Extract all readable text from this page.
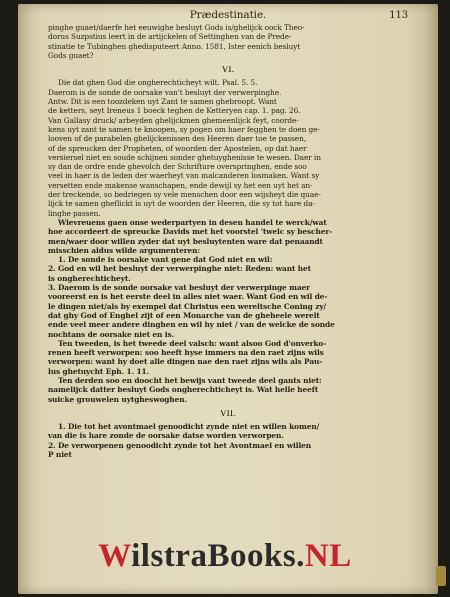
Prædestinatie.	113
pinghe guaet/daerfe het eeuwighe besluyt Gods is/ghelijck oock Theo-
dorus Suzpstius leert in de artijckelen of Settinghen van de Prede-
stinatie te Tubinghen ghedisputeert Anno. 1581, Ister eenich besluyt
Gods guaet?
VI.
Die dat ghen God die ongherechticheyt wilt. Psal. 5. 5.
Daerom is de sonde de oorsake van't besluyt der verwerpinghe.
Antw. Dit is een toozdeken uyt Zant te samen ghebroopt. Want
de ketters, seyt Ireneus 1 boeck teghen de Ketteryen cap. 1. pag. 26.
Van Gallasy druck/ arbeyden ghelijckmen ghemeenlijck feyt, coorde-
kens uyt zant te samen te knoopen, sy pogen om haer fegghen te doen ge-
looven of de parabelen ghelijckenissen des Heeren daer toe te passen,
of de spreucken der Propheten, of woorden der Apostelen, op dat haer
versiersel niet en soude schijnen sonder ghetuyghenisse te wesen. Daer in
sy dan de ordre ende ghevolch der Schrifture overspringhen, ende soo
veel in haer is de leden der waerheyt van malcanderen losmaken. Want sy
versetten ende makense wanschapen, ende dewijl sy het een uyt het an-
der treckende, so bedriegen sy vele menschen door een wijsheyt die quae-
lijck te samen gheflickt is uyt de woorden der Heeren, die sy tot hare da-
linghe passen.
Wievreuens gaen onse wederpartyen in desen handel te werck/wat
hoe accordeert de spreucke Davids met het voorstel 'twelc sy bescher-
men/waer door willen zyder dat uyt besluytenten ware dat penaandt
misschien aldus wilde argumenteren:
1. De sonde is oorsake vant gene dat God niet en wil:
2. God en wil het besluyt der verwerpinghe niet: Reden: want het
is ongherechticheyt.
3. Daerom is de sonde oorsake vat besluyt der verwerpinge maer
vooreerst en is het eerste deel in alles niet waer. Want God en wil de-
le dingen niet/als by exempel dat Christus een wereltsche Coning zy/
dat ghy God of Enghel zijt of een Monarche van de gheheele werelt
ende veel meer andere dinghen en wil hy niet / van de welcke de sonde
nochtans de oorsake niet en is.
Ten tweeden, is het tweede deel valsch: want alsoo God d'onverko-
renen heeft verworpen: soo heeft hyse immers na den raet zijns wils
verworpen: want hy doet alle dingen nae den raet zijns wils als Pau-
lus ghetuycht Eph. 1. 11.
Ten derden soo en doocht het bewijs vant tweede deel gants niet:
namelijck datter besluyt Gods ongherechticheyt is. Wat helle heeft
suicke grouwelen uytgheswoghen.
VII.
1. Die tot het avontmael genoodicht zynde niet en willen komen/
van die is hare zonde de oorsake datse worden verworpen.
2. De verworpenen genoodicht zynde tot het Avontmael en willen
P niet
WilstraBooks.NL
